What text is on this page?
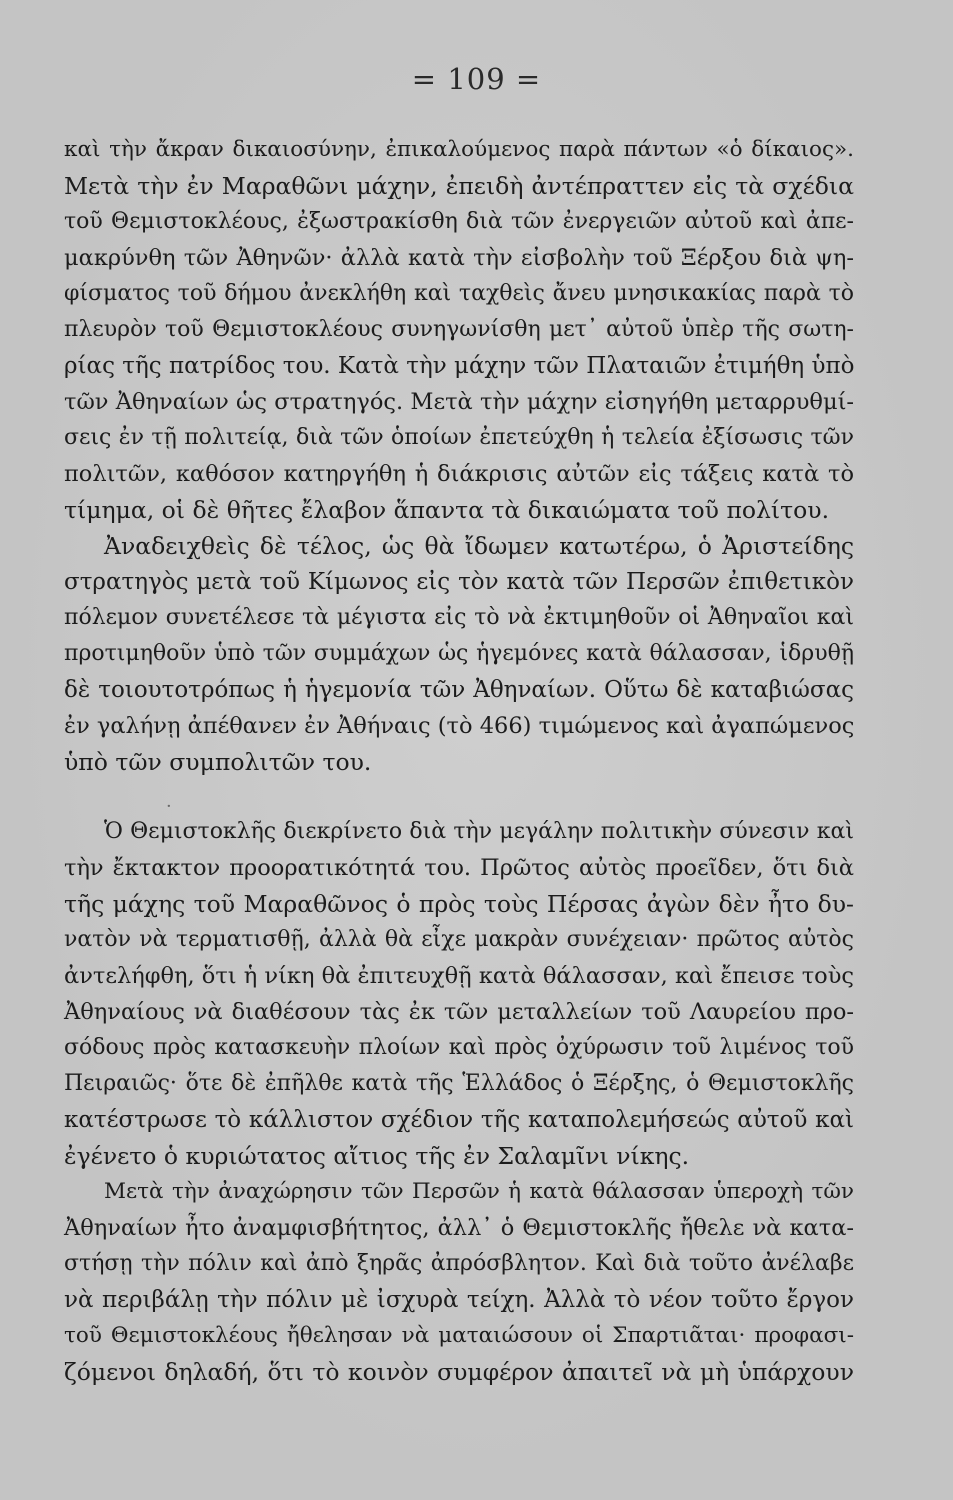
= 109 =
καὶ τὴν ἄκραν δικαιοσύνην, ἐπικαλούμενος παρὰ πάντων «ὁ δίκαιος».
Μετὰ τὴν ἐν Μαραθῶνι μάχην, ἐπειδὴ ἀντέπραττεν εἰς τὰ σχέδια
τοῦ Θεμιστοκλέους, ἐξωστρακίσθη διὰ τῶν ἐνεργειῶν αὐτοῦ καὶ ἀπε-
μακρύνθη τῶν Ἀθηνῶν· ἀλλὰ κατὰ τὴν εἰσβολὴν τοῦ Ξέρξου διὰ ψη-
φίσματος τοῦ δήμου ἀνεκλήθη καὶ ταχθεὶς ἄνευ μνησικακίας παρὰ τὸ
πλευρὸν τοῦ Θεμιστοκλέους συνηγωνίσθη μετ᾽ αὐτοῦ ὑπὲρ τῆς σωτη-
ρίας τῆς πατρίδος του. Κατὰ τὴν μάχην τῶν Πλαταιῶν ἐτιμήθη ὑπὸ
τῶν Ἀθηναίων ὡς στρατηγός. Μετὰ τὴν μάχην εἰσηγήθη μεταρρυθμί-
σεις ἐν τῇ πολιτείᾳ, διὰ τῶν ὁποίων ἐπετεύχθη ἡ τελεία ἐξίσωσις τῶν
πολιτῶν, καθόσον κατηργήθη ἡ διάκρισις αὐτῶν εἰς τάξεις κατὰ τὸ
τίμημα, οἱ δὲ θῆτες ἔλαβον ἅπαντα τὰ δικαιώματα τοῦ πολίτου.
Ἀναδειχθεὶς δὲ τέλος, ὡς θὰ ἴδωμεν κατωτέρω, ὁ Ἀριστείδης
στρατηγὸς μετὰ τοῦ Κίμωνος εἰς τὸν κατὰ τῶν Περσῶν ἐπιθετικὸν
πόλεμον συνετέλεσε τὰ μέγιστα εἰς τὸ νὰ ἐκτιμηθοῦν οἱ Ἀθηναῖοι καὶ
προτιμηθοῦν ὑπὸ τῶν συμμάχων ὡς ἡγεμόνες κατὰ θάλασσαν, ἱδρυθῇ
δὲ τοιουτοτρόπως ἡ ἡγεμονία τῶν Ἀθηναίων. Οὕτω δὲ καταβιώσας
ἐν γαλήνῃ ἀπέθανεν ἐν Ἀθήναις (τὸ 466) τιμώμενος καὶ ἀγαπώμενος
ὑπὸ τῶν συμπολιτῶν του.
·
Ὁ Θεμιστοκλῆς διεκρίνετο διὰ τὴν μεγάλην πολιτικὴν σύνεσιν καὶ
τὴν ἔκτακτον προορατικότητά του. Πρῶτος αὐτὸς προεῖδεν, ὅτι διὰ
τῆς μάχης τοῦ Μαραθῶνος ὁ πρὸς τοὺς Πέρσας ἀγὼν δὲν ἦτο δυ-
νατὸν νὰ τερματισθῇ, ἀλλὰ θὰ εἶχε μακρὰν συνέχειαν· πρῶτος αὐτὸς
ἀντελήφθη, ὅτι ἡ νίκη θὰ ἐπιτευχθῇ κατὰ θάλασσαν, καὶ ἔπεισε τοὺς
Ἀθηναίους νὰ διαθέσουν τὰς ἐκ τῶν μεταλλείων τοῦ Λαυρείου προ-
σόδους πρὸς κατασκευὴν πλοίων καὶ πρὸς ὀχύρωσιν τοῦ λιμένος τοῦ
Πειραιῶς· ὅτε δὲ ἐπῆλθε κατὰ τῆς Ἑλλάδος ὁ Ξέρξης, ὁ Θεμιστοκλῆς
κατέστρωσε τὸ κάλλιστον σχέδιον τῆς καταπολεμήσεώς αὐτοῦ καὶ
ἐγένετο ὁ κυριώτατος αἴτιος τῆς ἐν Σαλαμῖνι νίκης.
Μετὰ τὴν ἀναχώρησιν τῶν Περσῶν ἡ κατὰ θάλασσαν ὑπεροχὴ τῶν
Ἀθηναίων ἦτο ἀναμφισβήτητος, ἀλλ᾽ ὁ Θεμιστοκλῆς ἤθελε νὰ κατα-
στήσῃ τὴν πόλιν καὶ ἀπὸ ξηρᾶς ἀπρόσβλητον. Καὶ διὰ τοῦτο ἀνέλαβε
νὰ περιβάλῃ τὴν πόλιν μὲ ἰσχυρὰ τείχη. Ἀλλὰ τὸ νέον τοῦτο ἔργον
τοῦ Θεμιστοκλέους ἤθελησαν νὰ ματαιώσουν οἱ Σπαρτιᾶται· προφασι-
ζόμενοι δηλαδή, ὅτι τὸ κοινὸν συμφέρον ἀπαιτεῖ νὰ μὴ ὑπάρχουν
